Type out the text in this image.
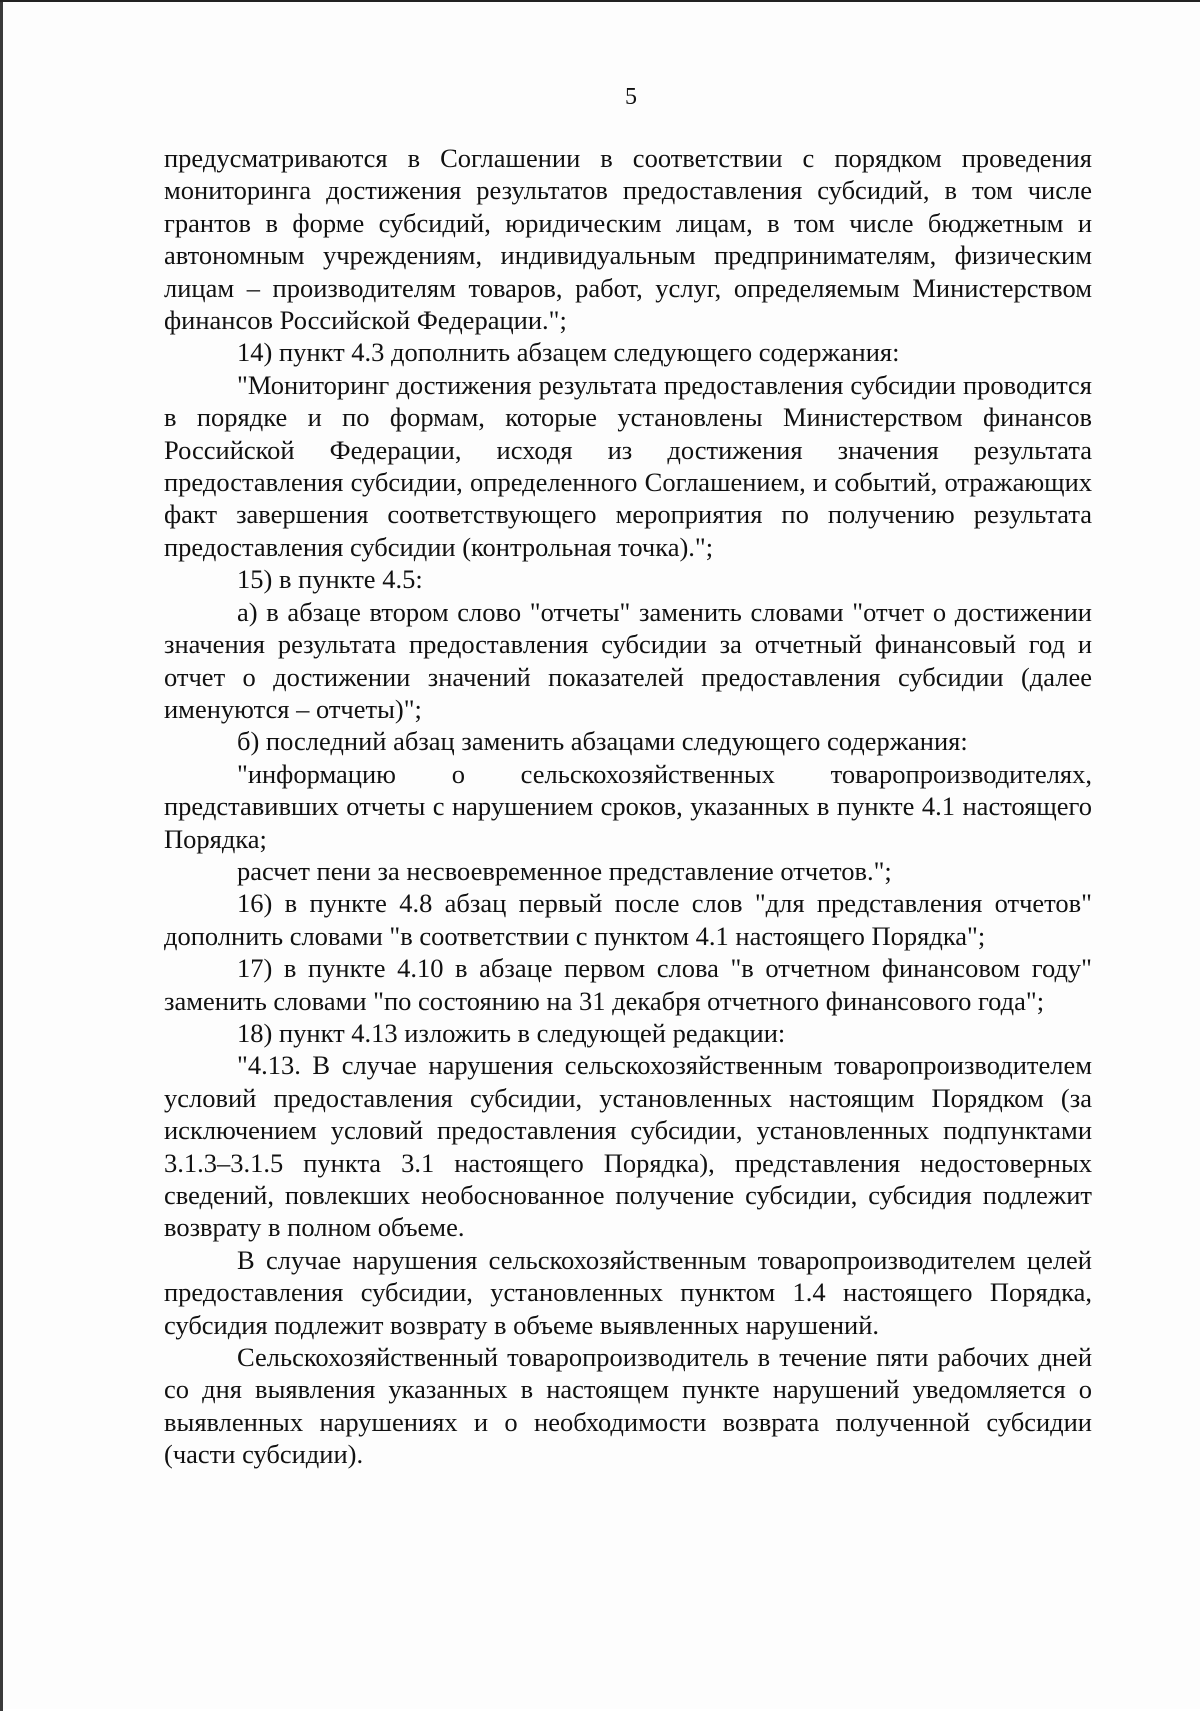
5

предусматриваются в Соглашении в соответствии с порядком проведения мониторинга достижения результатов предоставления субсидий, в том числе грантов в форме субсидий, юридическим лицам, в том числе бюджетным и автономным учреждениям, индивидуальным предпринимателям, физическим лицам – производителям товаров, работ, услуг, определяемым Министерством финансов Российской Федерации.";

14) пункт 4.3 дополнить абзацем следующего содержания:

"Мониторинг достижения результата предоставления субсидии проводится в порядке и по формам, которые установлены Министерством финансов Российской Федерации, исходя из достижения значения результата предоставления субсидии, определенного Соглашением, и событий, отражающих факт завершения соответствующего мероприятия по получению результата предоставления субсидии (контрольная точка).";

15) в пункте 4.5:

а) в абзаце втором слово "отчеты" заменить словами "отчет о достижении значения результата предоставления субсидии за отчетный финансовый год и отчет о достижении значений показателей предоставления субсидии (далее именуются – отчеты)";

б) последний абзац заменить абзацами следующего содержания:

"информацию о сельскохозяйственных товаропроизводителях, представивших отчеты с нарушением сроков, указанных в пункте 4.1 настоящего Порядка;

расчет пени за несвоевременное представление отчетов.";

16) в пункте 4.8 абзац первый после слов "для представления отчетов" дополнить словами "в соответствии с пунктом 4.1 настоящего Порядка";

17) в пункте 4.10 в абзаце первом слова "в отчетном финансовом году" заменить словами "по состоянию на 31 декабря отчетного финансового года";

18) пункт 4.13 изложить в следующей редакции:

"4.13. В случае нарушения сельскохозяйственным товаропроизводителем условий предоставления субсидии, установленных настоящим Порядком (за исключением условий предоставления субсидии, установленных подпунктами 3.1.3–3.1.5 пункта 3.1 настоящего Порядка), представления недостоверных сведений, повлекших необоснованное получение субсидии, субсидия подлежит возврату в полном объеме.

В случае нарушения сельскохозяйственным товаропроизводителем целей предоставления субсидии, установленных пунктом 1.4 настоящего Порядка, субсидия подлежит возврату в объеме выявленных нарушений.

Сельскохозяйственный товаропроизводитель в течение пяти рабочих дней со дня выявления указанных в настоящем пункте нарушений уведомляется о выявленных нарушениях и о необходимости возврата полученной субсидии (части субсидии).
